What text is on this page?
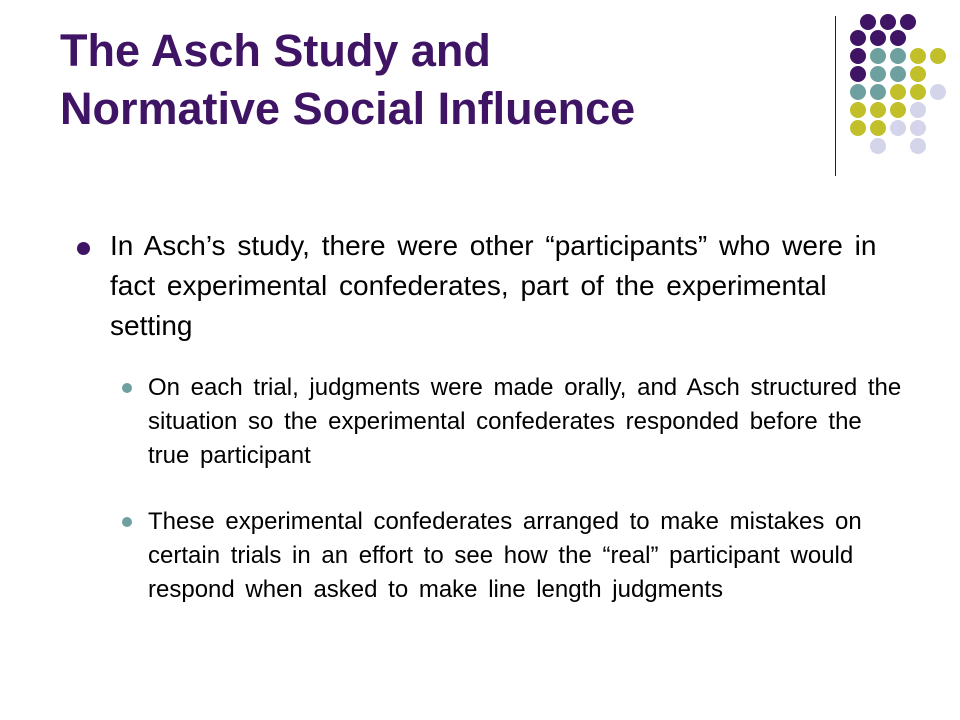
The Asch Study and
Normative Social Influence
In Asch’s study, there were other “participants” who were in fact experimental confederates, part of the experimental setting
On each trial, judgments were made orally, and Asch structured the situation so the experimental confederates responded before the true participant
These experimental confederates arranged to make mistakes on certain trials in an effort to see how the “real” participant would respond when asked to make line length judgments
